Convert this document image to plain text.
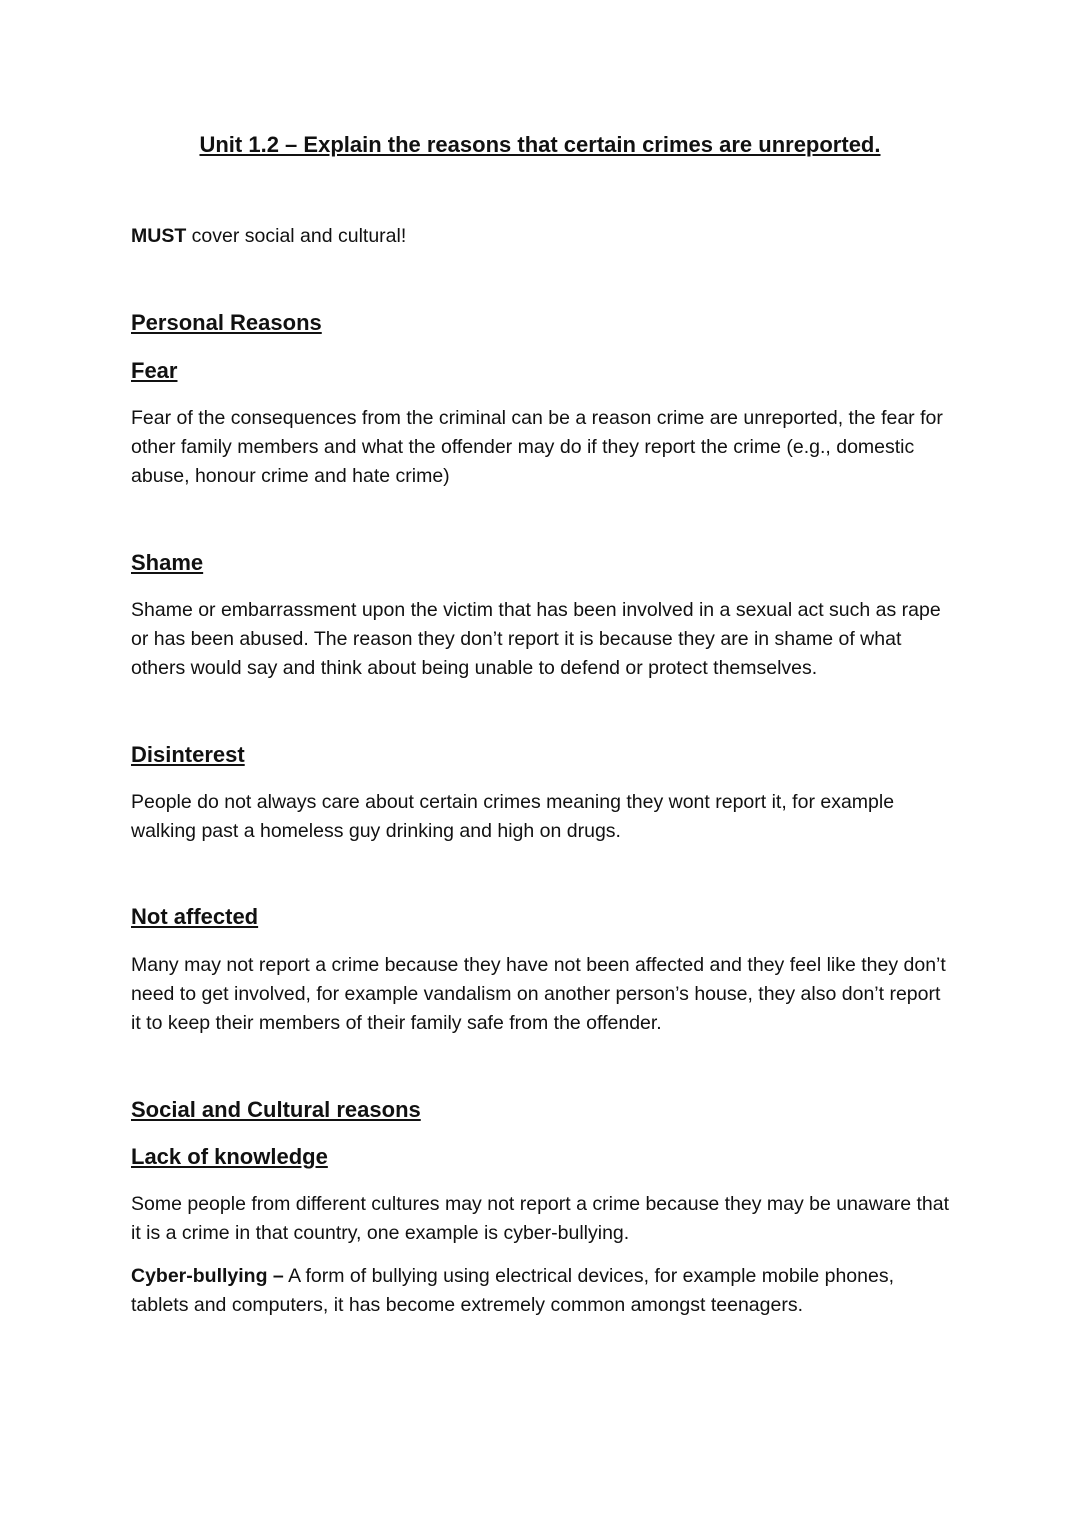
Unit 1.2 – Explain the reasons that certain crimes are unreported.
MUST cover social and cultural!
Personal Reasons
Fear
Fear of the consequences from the criminal can be a reason crime are unreported, the fear for other family members and what the offender may do if they report the crime (e.g., domestic abuse, honour crime and hate crime)
Shame
Shame or embarrassment upon the victim that has been involved in a sexual act such as rape or has been abused. The reason they don’t report it is because they are in shame of what others would say and think about being unable to defend or protect themselves.
Disinterest
People do not always care about certain crimes meaning they wont report it, for example walking past a homeless guy drinking and high on drugs.
Not affected
Many may not report a crime because they have not been affected and they feel like they don’t need to get involved, for example vandalism on another person’s house, they also don’t report it to keep their members of their family safe from the offender.
Social and Cultural reasons
Lack of knowledge
Some people from different cultures may not report a crime because they may be unaware that it is a crime in that country, one example is cyber-bullying.
Cyber-bullying – A form of bullying using electrical devices, for example mobile phones, tablets and computers, it has become extremely common amongst teenagers.
